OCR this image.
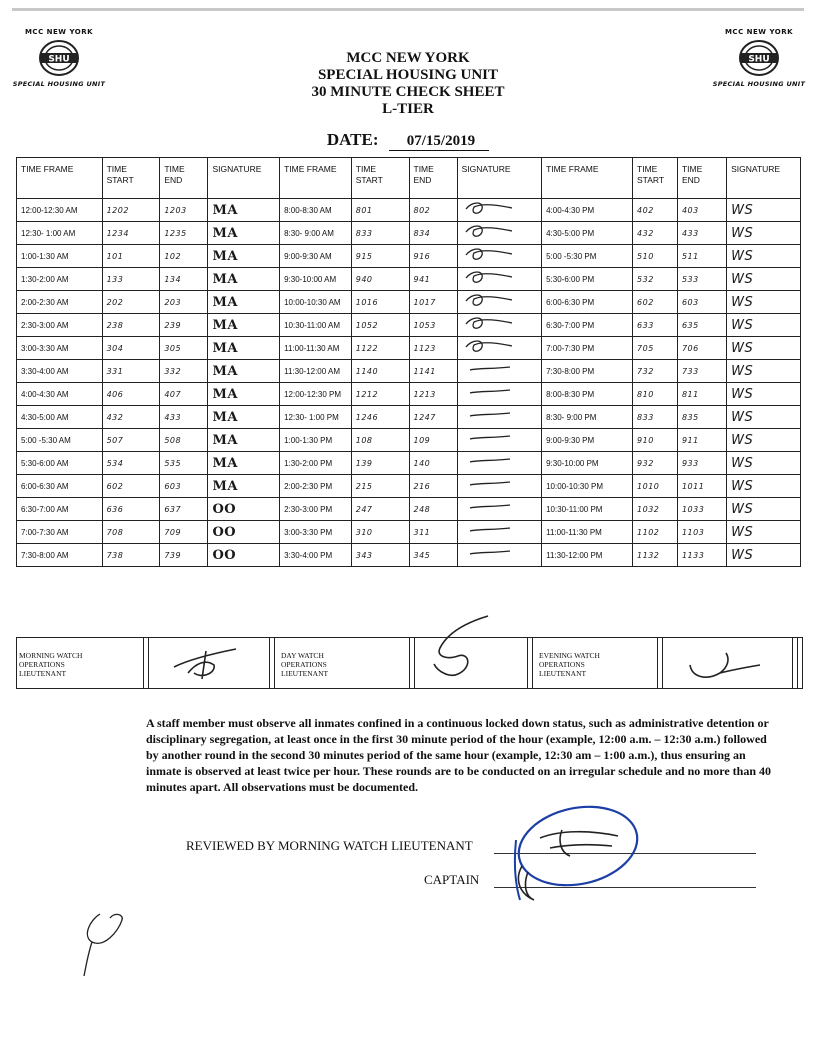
MCC NEW YORK
SHU
SPECIAL HOUSING UNIT
MCC NEW YORK
SHU
SPECIAL HOUSING UNIT
MCC NEW YORK
SPECIAL HOUSING UNIT
30 MINUTE CHECK SHEET
L-TIER
DATE: 07/15/2019
TIME FRAME	TIME START	TIME END	SIGNATURE	TIME FRAME	TIME START	TIME END	SIGNATURE	TIME FRAME	TIME START	TIME END	SIGNATURE
12:00-12:30 AM	1202	1203	MA	8:00-8:30 AM	801	802		4:00-4:30 PM	402	403	WS
12:30- 1:00 AM	1234	1235	MA	8:30- 9:00 AM	833	834		4:30-5:00 PM	432	433	WS
1:00-1:30 AM	101	102	MA	9:00-9:30 AM	915	916		5:00 -5:30 PM	510	511	WS
1:30-2:00 AM	133	134	MA	9:30-10:00 AM	940	941		5:30-6:00 PM	532	533	WS
2:00-2:30 AM	202	203	MA	10:00-10:30 AM	1016	1017		6:00-6:30 PM	602	603	WS
2:30-3:00 AM	238	239	MA	10:30-11:00 AM	1052	1053		6:30-7:00 PM	633	635	WS
3:00-3:30 AM	304	305	MA	11:00-11:30 AM	1122	1123		7:00-7:30 PM	705	706	WS
3:30-4:00 AM	331	332	MA	11:30-12:00 AM	1140	1141		7:30-8:00 PM	732	733	WS
4:00-4:30 AM	406	407	MA	12:00-12:30 PM	1212	1213		8:00-8:30 PM	810	811	WS
4:30-5:00 AM	432	433	MA	12:30- 1:00 PM	1246	1247		8:30- 9:00 PM	833	835	WS
5:00 -5:30 AM	507	508	MA	1:00-1:30 PM	108	109		9:00-9:30 PM	910	911	WS
5:30-6:00 AM	534	535	MA	1:30-2:00 PM	139	140		9:30-10:00 PM	932	933	WS
6:00-6:30 AM	602	603	MA	2:00-2:30 PM	215	216		10:00-10:30 PM	1010	1011	WS
6:30-7:00 AM	636	637	OO	2:30-3:00 PM	247	248		10:30-11:00 PM	1032	1033	WS
7:00-7:30 AM	708	709	OO	3:00-3:30 PM	310	311		11:00-11:30 PM	1102	1103	WS
7:30-8:00 AM	738	739	OO	3:30-4:00 PM	343	345		11:30-12:00 PM	1132	1133	WS
MORNING WATCH
OPERATIONS
LIEUTENANT
DAY WATCH
OPERATIONS
LIEUTENANT
EVENING WATCH
OPERATIONS
LIEUTENANT
A staff member must observe all inmates confined in a continuous locked down status, such as administrative detention or disciplinary segregation, at least once in the first 30 minute period of the hour (example, 12:00 a.m. – 12:30 a.m.) followed by another round in the second 30 minutes period of the same hour (example, 12:30 am – 1:00 a.m.), thus ensuring an inmate is observed at least twice per hour. These rounds are to be conducted on an irregular schedule and no more than 40 minutes apart. All observations must be documented.
REVIEWED BY MORNING WATCH LIEUTENANT
CAPTAIN
